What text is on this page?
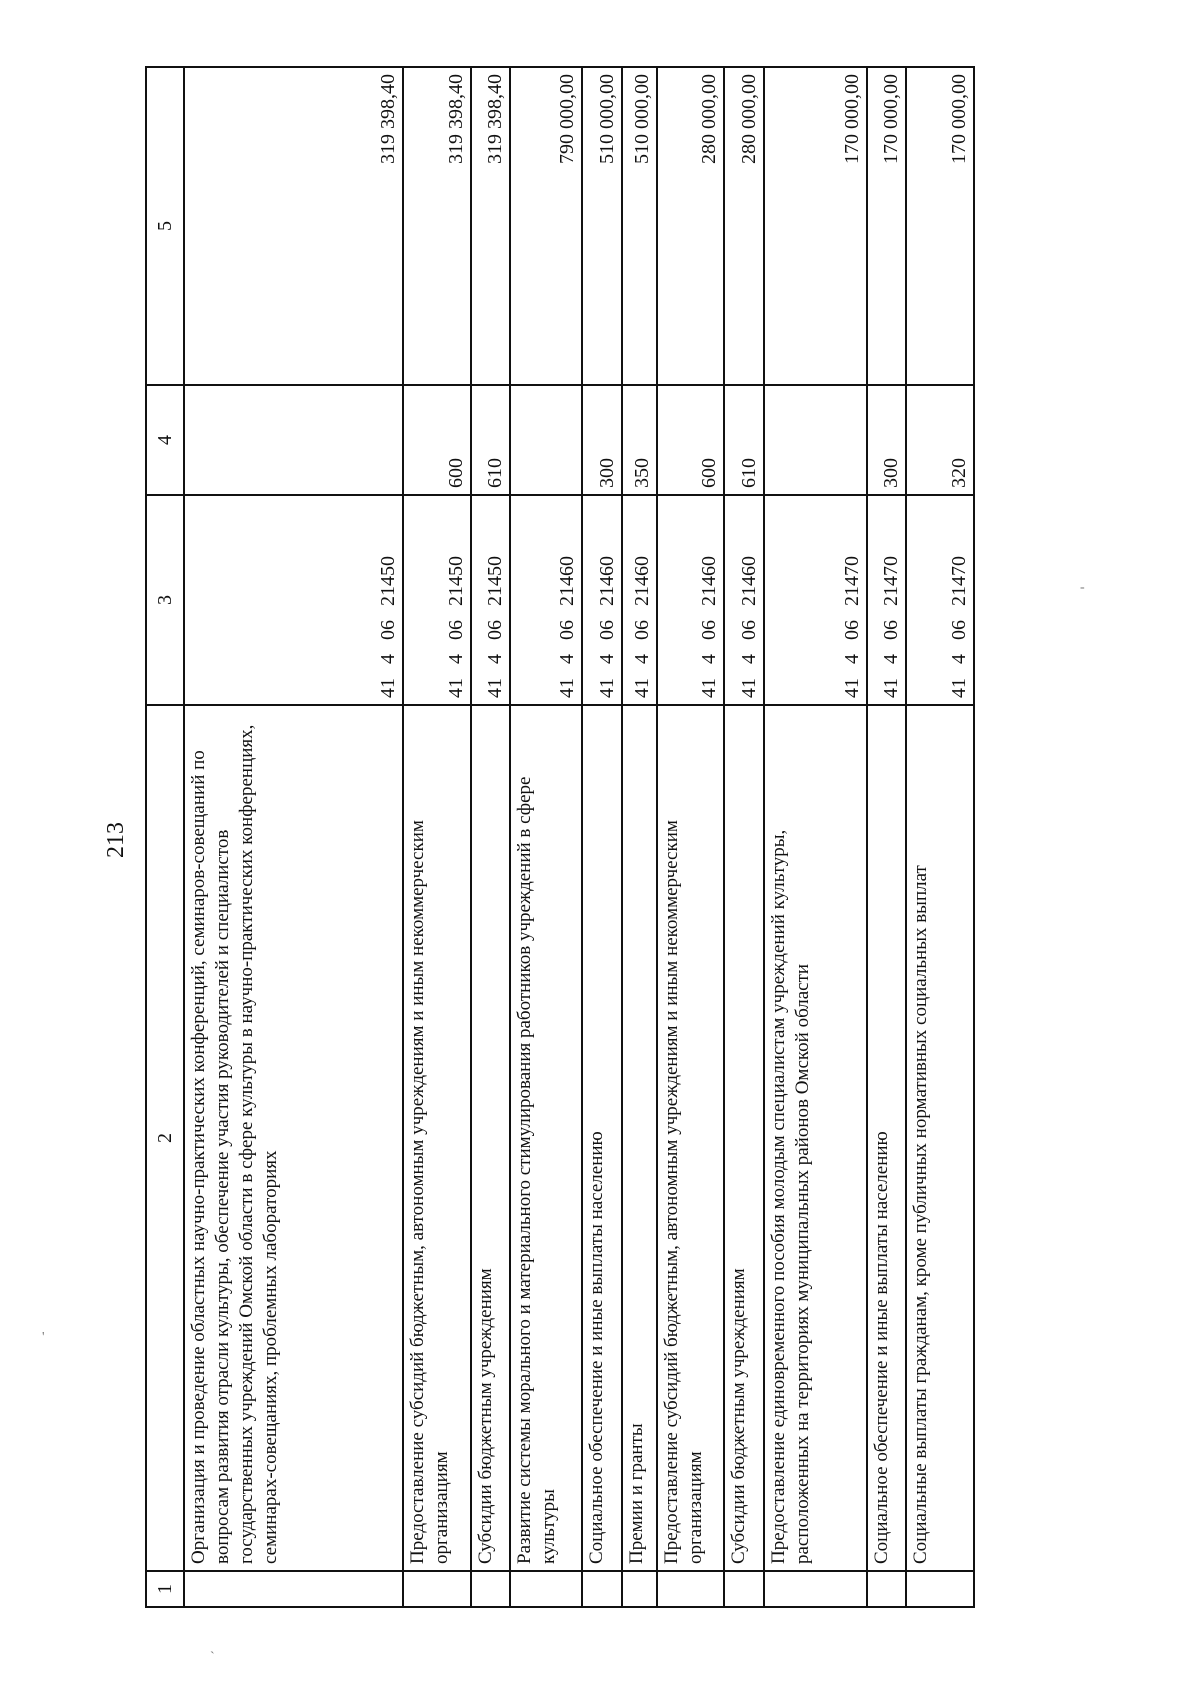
213
'
`
-
1	2	3	4	5
	Организация и проведение областных научно-практических конференций, семинаров-совещаний по вопросам развития отрасли культуры, обеспечение участия руководителей и специалистов государственных учреждений Омской области в сфере культуры в научно-практических конференциях, семинарах-совещаниях, проблемных лабораториях	41  4  06  21450		319 398,40
	Предоставление субсидий бюджетным, автономным учреждениям и иным некоммерческим организациям	41  4  06  21450	600	319 398,40
	Субсидии бюджетным учреждениям	41  4  06  21450	610	319 398,40
	Развитие системы морального и материального стимулирования работников учреждений в сфере культуры	41  4  06  21460		790 000,00
	Социальное обеспечение и иные выплаты населению	41  4  06  21460	300	510 000,00
	Премии и гранты	41  4  06  21460	350	510 000,00
	Предоставление субсидий бюджетным, автономным учреждениям и иным некоммерческим организациям	41  4  06  21460	600	280 000,00
	Субсидии бюджетным учреждениям	41  4  06  21460	610	280 000,00
	Предоставление единовременного пособия молодым специалистам учреждений культуры, расположенных на территориях муниципальных районов Омской области	41  4  06  21470		170 000,00
	Социальное обеспечение и иные выплаты населению	41  4  06  21470	300	170 000,00
	Социальные выплаты гражданам, кроме публичных нормативных социальных выплат	41  4  06  21470	320	170 000,00
